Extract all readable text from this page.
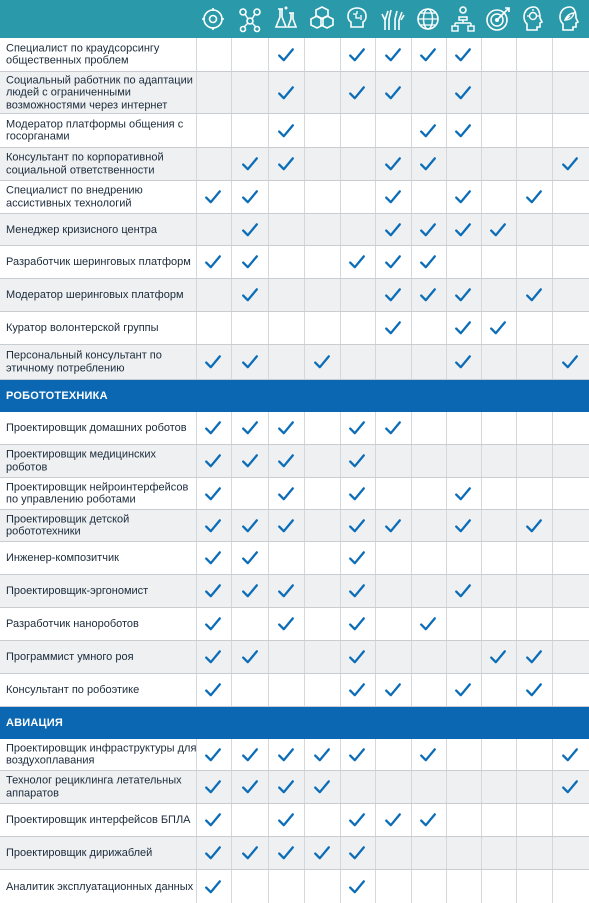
Специалист по краудсорсингу общественных проблем
Социальный работник по адаптации людей с ограниченными возможностями через интернет
Модератор платформы общения с госорганами
Консультант по корпоративной социальной ответственности
Специалист по внедрению ассистивных технологий
Менеджер кризисного центра
Разработчик шеринговых платформ
Модератор шеринговых платформ
Куратор волонтерской группы
Персональный консультант по этичному потреблению
РОБОТОТЕХНИКА
Проектировщик домашних роботов
Проектировщик медицинских роботов
Проектировщик нейроинтерфейсов по управлению роботами
Проектировщик детской робототехники
Инженер-композитчик
Проектировщик-эргономист
Разработчик нанороботов
Программист умного роя
Консультант по робоэтике
АВИАЦИЯ
Проектировщик инфраструктуры для воздухоплавания
Технолог рециклинга летательных аппаратов
Проектировщик интерфейсов БПЛА
Проектировщик дирижаблей
Аналитик эксплуатационных данных
